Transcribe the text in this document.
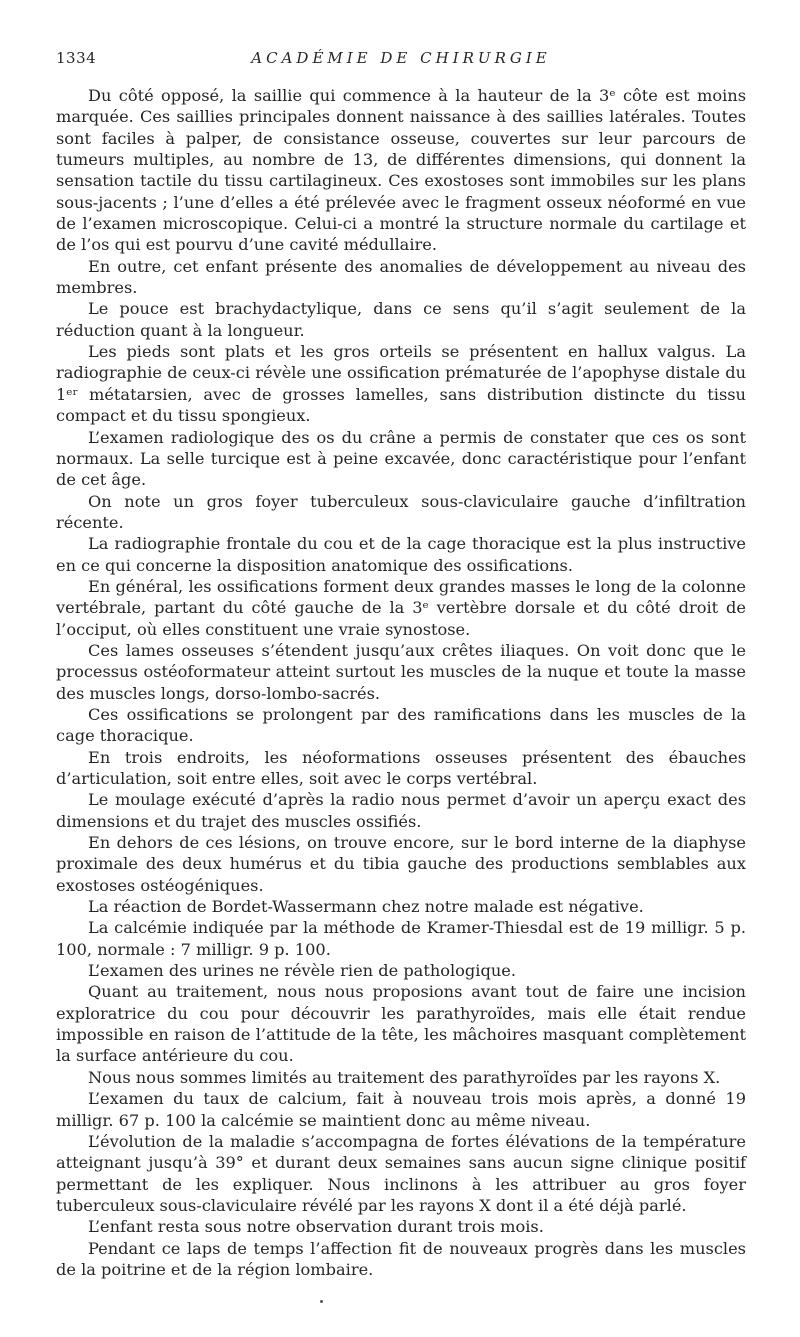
1334	ACADÉMIE DE CHIRURGIE

Du côté opposé, la saillie qui commence à la hauteur de la 3ᵉ côte est moins marquée. Ces saillies principales donnent naissance à des saillies latérales. Toutes sont faciles à palper, de consistance osseuse, couvertes sur leur parcours de tumeurs multiples, au nombre de 13, de différentes dimensions, qui donnent la sensation tactile du tissu cartilagineux. Ces exostoses sont immobiles sur les plans sous-jacents ; l’une d’elles a été prélevée avec le fragment osseux néoformé en vue de l’examen microscopique. Celui-ci a montré la structure normale du cartilage et de l’os qui est pourvu d’une cavité médullaire.

En outre, cet enfant présente des anomalies de développement au niveau des membres.

Le pouce est brachydactylique, dans ce sens qu’il s’agit seulement de la réduction quant à la longueur.

Les pieds sont plats et les gros orteils se présentent en hallux valgus. La radiographie de ceux-ci révèle une ossification prématurée de l’apophyse distale du 1ᵉʳ métatarsien, avec de grosses lamelles, sans distribution distincte du tissu compact et du tissu spongieux.

L’examen radiologique des os du crâne a permis de constater que ces os sont normaux. La selle turcique est à peine excavée, donc caractéristique pour l’enfant de cet âge.

On note un gros foyer tuberculeux sous-claviculaire gauche d’infiltration récente.

La radiographie frontale du cou et de la cage thoracique est la plus instructive en ce qui concerne la disposition anatomique des ossifications.

En général, les ossifications forment deux grandes masses le long de la colonne vertébrale, partant du côté gauche de la 3ᵉ vertèbre dorsale et du côté droit de l’occiput, où elles constituent une vraie synostose.

Ces lames osseuses s’étendent jusqu’aux crêtes iliaques. On voit donc que le processus ostéoformateur atteint surtout les muscles de la nuque et toute la masse des muscles longs, dorso-lombo-sacrés.

Ces ossifications se prolongent par des ramifications dans les muscles de la cage thoracique.

En trois endroits, les néoformations osseuses présentent des ébauches d’articulation, soit entre elles, soit avec le corps vertébral.

Le moulage exécuté d’après la radio nous permet d’avoir un aperçu exact des dimensions et du trajet des muscles ossifiés.

En dehors de ces lésions, on trouve encore, sur le bord interne de la diaphyse proximale des deux humérus et du tibia gauche des productions semblables aux exostoses ostéogéniques.

La réaction de Bordet-Wassermann chez notre malade est négative.

La calcémie indiquée par la méthode de Kramer-Thiesdal est de 19 milligr. 5 p. 100, normale : 7 milligr. 9 p. 100.

L’examen des urines ne révèle rien de pathologique.

Quant au traitement, nous nous proposions avant tout de faire une incision exploratrice du cou pour découvrir les parathyroïdes, mais elle était rendue impossible en raison de l’attitude de la tête, les mâchoires masquant complètement la surface antérieure du cou.

Nous nous sommes limités au traitement des parathyroïdes par les rayons X.

L’examen du taux de calcium, fait à nouveau trois mois après, a donné 19 milligr. 67 p. 100 la calcémie se maintient donc au même niveau.

L’évolution de la maladie s’accompagna de fortes élévations de la température atteignant jusqu’à 39° et durant deux semaines sans aucun signe clinique positif permettant de les expliquer. Nous inclinons à les attribuer au gros foyer tuberculeux sous-claviculaire révélé par les rayons X dont il a été déjà parlé.

L’enfant resta sous notre observation durant trois mois.

Pendant ce laps de temps l’affection fit de nouveaux progrès dans les muscles de la poitrine et de la région lombaire.
